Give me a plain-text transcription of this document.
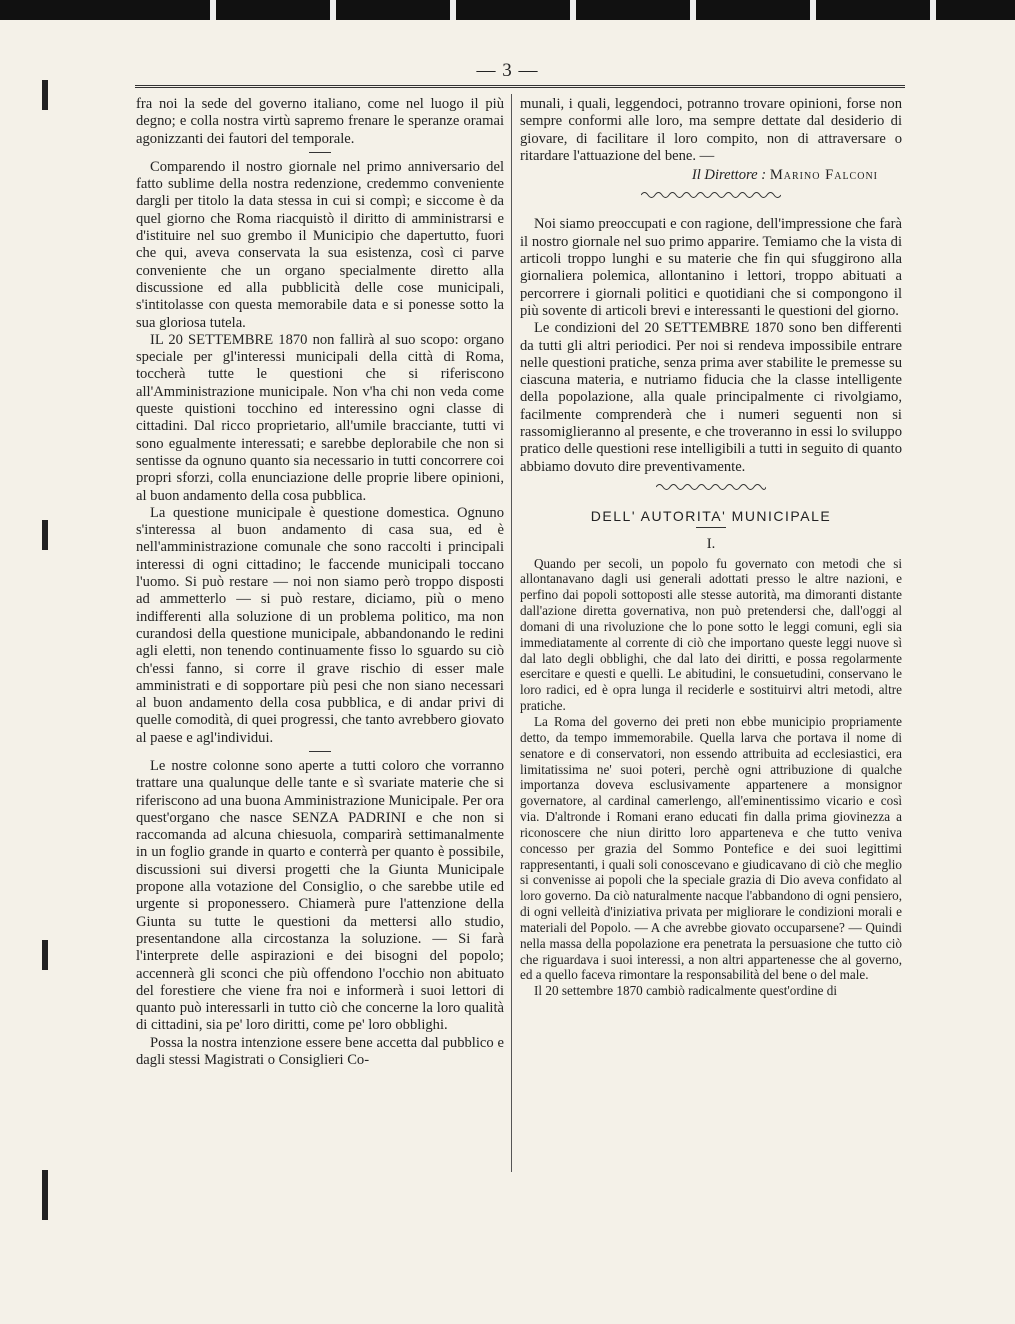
— 3 —

fra noi la sede del governo italiano, come nel luogo il più degno; e colla nostra virtù sapremo frenare le speranze oramai agonizzanti dei fautori del temporale.

Comparendo il nostro giornale nel primo anniversario del fatto sublime della nostra redenzione, credemmo conveniente dargli per titolo la data stessa in cui si compì; e siccome è da quel giorno che Roma riacquistò il diritto di amministrarsi e d'istituire nel suo grembo il Municipio che dapertutto, fuori che qui, aveva conservata la sua esistenza, così ci parve conveniente che un organo specialmente diretto alla discussione ed alla pubblicità delle cose municipali, s'intitolasse con questa memorabile data e si ponesse sotto la sua gloriosa tutela.

IL 20 SETTEMBRE 1870 non fallirà al suo scopo: organo speciale per gl'interessi municipali della città di Roma, toccherà tutte le questioni che si riferiscono all'Amministrazione municipale. Non v'ha chi non veda come queste quistioni tocchino ed interessino ogni classe di cittadini. Dal ricco proprietario, all'umile bracciante, tutti vi sono egualmente interessati; e sarebbe deplorabile che non si sentisse da ognuno quanto sia necessario in tutti concorrere coi propri sforzi, colla enunciazione delle proprie libere opinioni, al buon andamento della cosa pubblica.

La questione municipale è questione domestica. Ognuno s'interessa al buon andamento di casa sua, ed è nell'amministrazione comunale che sono raccolti i principali interessi di ogni cittadino; le faccende municipali toccano l'uomo. Si può restare — noi non siamo però troppo disposti ad ammetterlo — si può restare, diciamo, più o meno indifferenti alla soluzione di un problema politico, ma non curandosi della questione municipale, abbandonando le redini agli eletti, non tenendo continuamente fisso lo sguardo su ciò ch'essi fanno, si corre il grave rischio di esser male amministrati e di sopportare più pesi che non siano necessari al buon andamento della cosa pubblica, e di andar privi di quelle comodità, di quei progressi, che tanto avrebbero giovato al paese e agl'individui.

Le nostre colonne sono aperte a tutti coloro che vorranno trattare una qualunque delle tante e sì svariate materie che si riferiscono ad una buona Amministrazione Municipale. Per ora quest'organo che nasce SENZA PADRINI e che non si raccomanda ad alcuna chiesuola, comparirà settimanalmente in un foglio grande in quarto e conterrà per quanto è possibile, discussioni sui diversi progetti che la Giunta Municipale propone alla votazione del Consiglio, o che sarebbe utile ed urgente si proponessero. Chiamerà pure l'attenzione della Giunta su tutte le questioni da mettersi allo studio, presentandone alla circostanza la soluzione. — Si farà l'interprete delle aspirazioni e dei bisogni del popolo; accennerà gli sconci che più offendono l'occhio non abituato del forestiere che viene fra noi e informerà i suoi lettori di quanto può interessarli in tutto ciò che concerne la loro qualità di cittadini, sia pe' loro diritti, come pe' loro obblighi.

Possa la nostra intenzione essere bene accetta dal pubblico e dagli stessi Magistrati o Consiglieri Co-

munali, i quali, leggendoci, potranno trovare opinioni, forse non sempre conformi alle loro, ma sempre dettate dal desiderio di giovare, di facilitare il loro compito, non di attraversare o ritardare l'attuazione del bene. —

Il Direttore : Marino Falconi

Noi siamo preoccupati e con ragione, dell'impressione che farà il nostro giornale nel suo primo apparire. Temiamo che la vista di articoli troppo lunghi e su materie che fin qui sfuggirono alla giornaliera polemica, allontanino i lettori, troppo abituati a percorrere i giornali politici e quotidiani che si compongono il più sovente di articoli brevi e interessanti le questioni del giorno.

Le condizioni del 20 SETTEMBRE 1870 sono ben differenti da tutti gli altri periodici. Per noi si rendeva impossibile entrare nelle questioni pratiche, senza prima aver stabilite le premesse su ciascuna materia, e nutriamo fiducia che la classe intelligente della popolazione, alla quale principalmente ci rivolgiamo, facilmente comprenderà che i numeri seguenti non si rassomiglieranno al presente, e che troveranno in essi lo sviluppo pratico delle questioni rese intelligibili a tutti in seguito di quanto abbiamo dovuto dire preventivamente.

DELL' AUTORITA' MUNICIPALE
I.

Quando per secoli, un popolo fu governato con metodi che si allontanavano dagli usi generali adottati presso le altre nazioni, e perfino dai popoli sottoposti alle stesse autorità, ma dimoranti distante dall'azione diretta governativa, non può pretendersi che, dall'oggi al domani di una rivoluzione che lo pone sotto le leggi comuni, egli sia immediatamente al corrente di ciò che importano queste leggi nuove sì dal lato degli obblighi, che dal lato dei diritti, e possa regolarmente esercitare e questi e quelli. Le abitudini, le consuetudini, conservano le loro radici, ed è opra lunga il reciderle e sostituirvi altri metodi, altre pratiche.

La Roma del governo dei preti non ebbe municipio propriamente detto, da tempo immemorabile. Quella larva che portava il nome di senatore e di conservatori, non essendo attribuita ad ecclesiastici, era limitatissima ne' suoi poteri, perchè ogni attribuzione di qualche importanza doveva esclusivamente appartenere a monsignor governatore, al cardinal camerlengo, all'eminentissimo vicario e così via. D'altronde i Romani erano educati fin dalla prima giovinezza a riconoscere che niun diritto loro apparteneva e che tutto veniva concesso per grazia del Sommo Pontefice e dei suoi legittimi rappresentanti, i quali soli conoscevano e giudicavano di ciò che meglio si convenisse ai popoli che la speciale grazia di Dio aveva confidato al loro governo. Da ciò naturalmente nacque l'abbandono di ogni pensiero, di ogni velleità d'iniziativa privata per migliorare le condizioni morali e materiali del Popolo. — A che avrebbe giovato occuparsene? — Quindi nella massa della popolazione era penetrata la persuasione che tutto ciò che riguardava i suoi interessi, a non altri appartenesse che al governo, ed a quello faceva rimontare la responsabilità del bene o del male.

Il 20 settembre 1870 cambiò radicalmente quest'ordine di
